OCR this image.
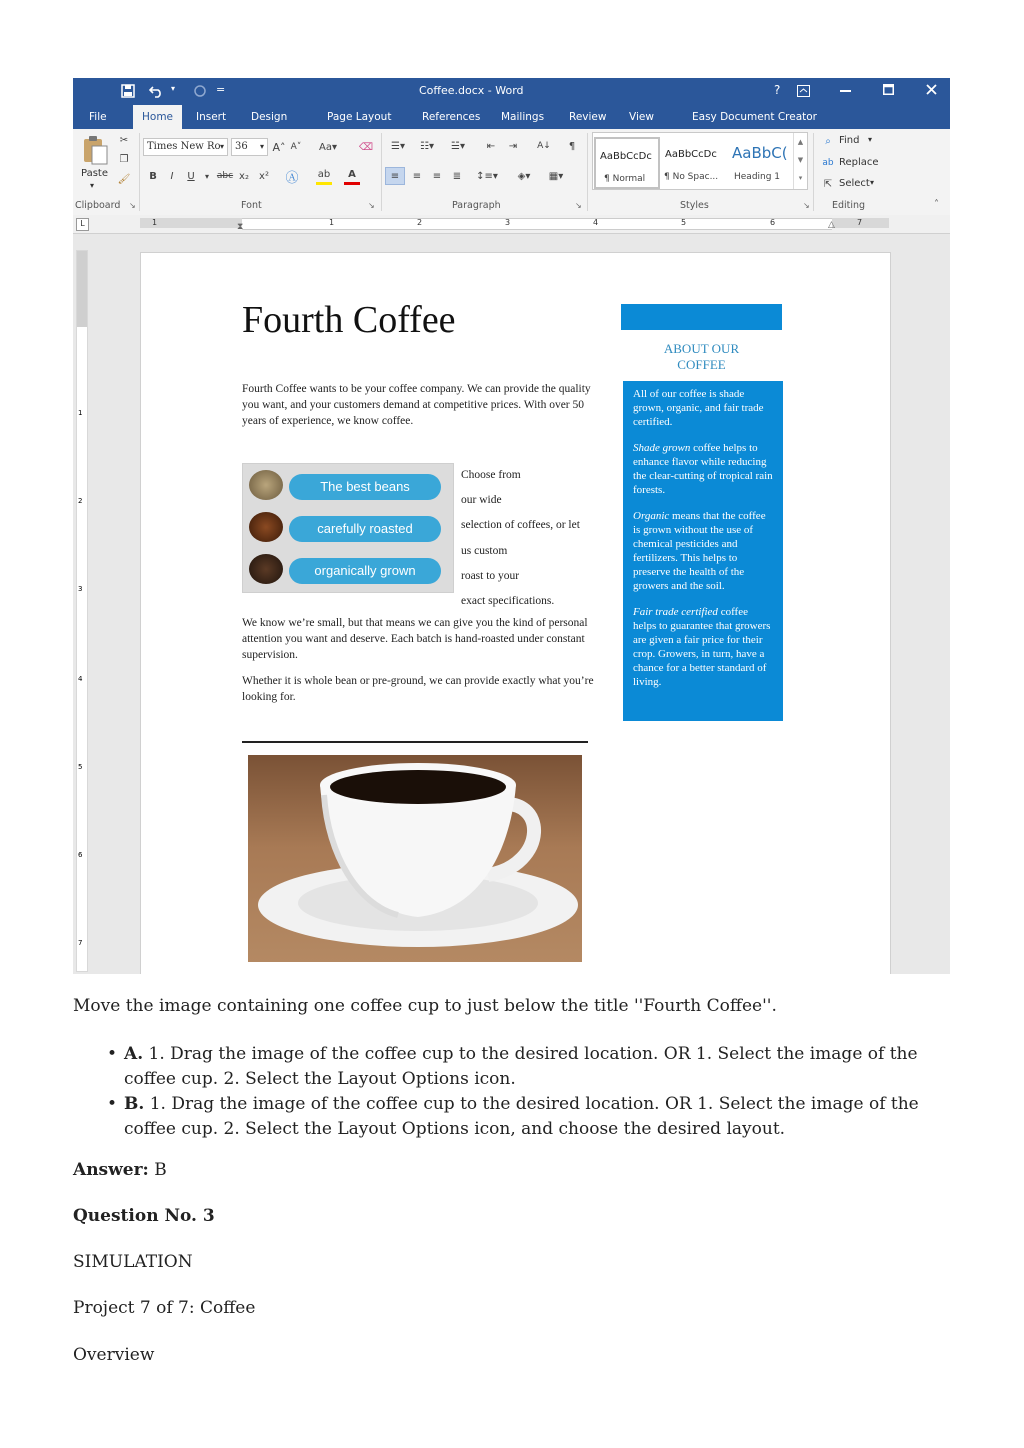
▾	=	Coffee.docx - Word	?
File	Home	Insert	Design	Page Layout	References	Mailings	Review	View	Easy Document Creator
Paste
▾
✂
❐
🖌
Clipboard ↘
Times New Ro ▾	36 ▾ A˄ A˅ Aa ▾ ⌫
B	I	U ▾ abc x₂ x² Ⓐ ab	A
Font	↘
☰▾	☷▾	☱▾	⇤	⇥	A↓	¶
≡	≡	≡	≣	↕≡▾	◈▾	▦▾
Paragraph	↘
AaBbCcDc
¶ Normal
AaBbCcDc
¶ No Spac...
AaBbC(
Heading 1
▲
▼
▾
Styles	↘
⌕ Find ▾
ab Replace
⇱ Select ▾
Editing	˄
L	1	1	2	3	4	5	6	7
⧗	△
1
2
3
4
5
6
7
Fourth Coffee
Fourth Coffee wants to be your coffee company. We can provide the quality you want, and your customers demand at competitive prices. With over 50 years of experience, we know coffee.
The best beans
carefully roasted
organically grown
Choose from
our wide
selection of coffees, or let
us custom
roast to your
exact specifications.
We know we’re small, but that means we can give you the kind of personal attention you want and deserve. Each batch is hand-roasted under constant supervision.
Whether it is whole bean or pre-ground, we can provide exactly what you’re looking for.
ABOUT OUR
COFFEE

All of our coffee is shade grown, organic, and fair trade certified.

Shade grown coffee helps to enhance flavor while reducing the clear-cutting of tropical rain forests.

Organic means that the coffee is grown without the use of chemical pesticides and fertilizers. This helps to preserve the health of the growers and the soil.

Fair trade certified coffee helps to guarantee that growers are given a fair price for their crop. Growers, in turn, have a chance for a better standard of living.

Move the image containing one coffee cup to just below the title ''Fourth Coffee''.
• A. 1. Drag the image of the coffee cup to the desired location. OR 1. Select the image of the coffee cup. 2. Select the Layout Options icon.
• B. 1. Drag the image of the coffee cup to the desired location. OR 1. Select the image of the coffee cup. 2. Select the Layout Options icon, and choose the desired layout.
Answer: B
Question No. 3
SIMULATION
Project 7 of 7: Coffee
Overview
